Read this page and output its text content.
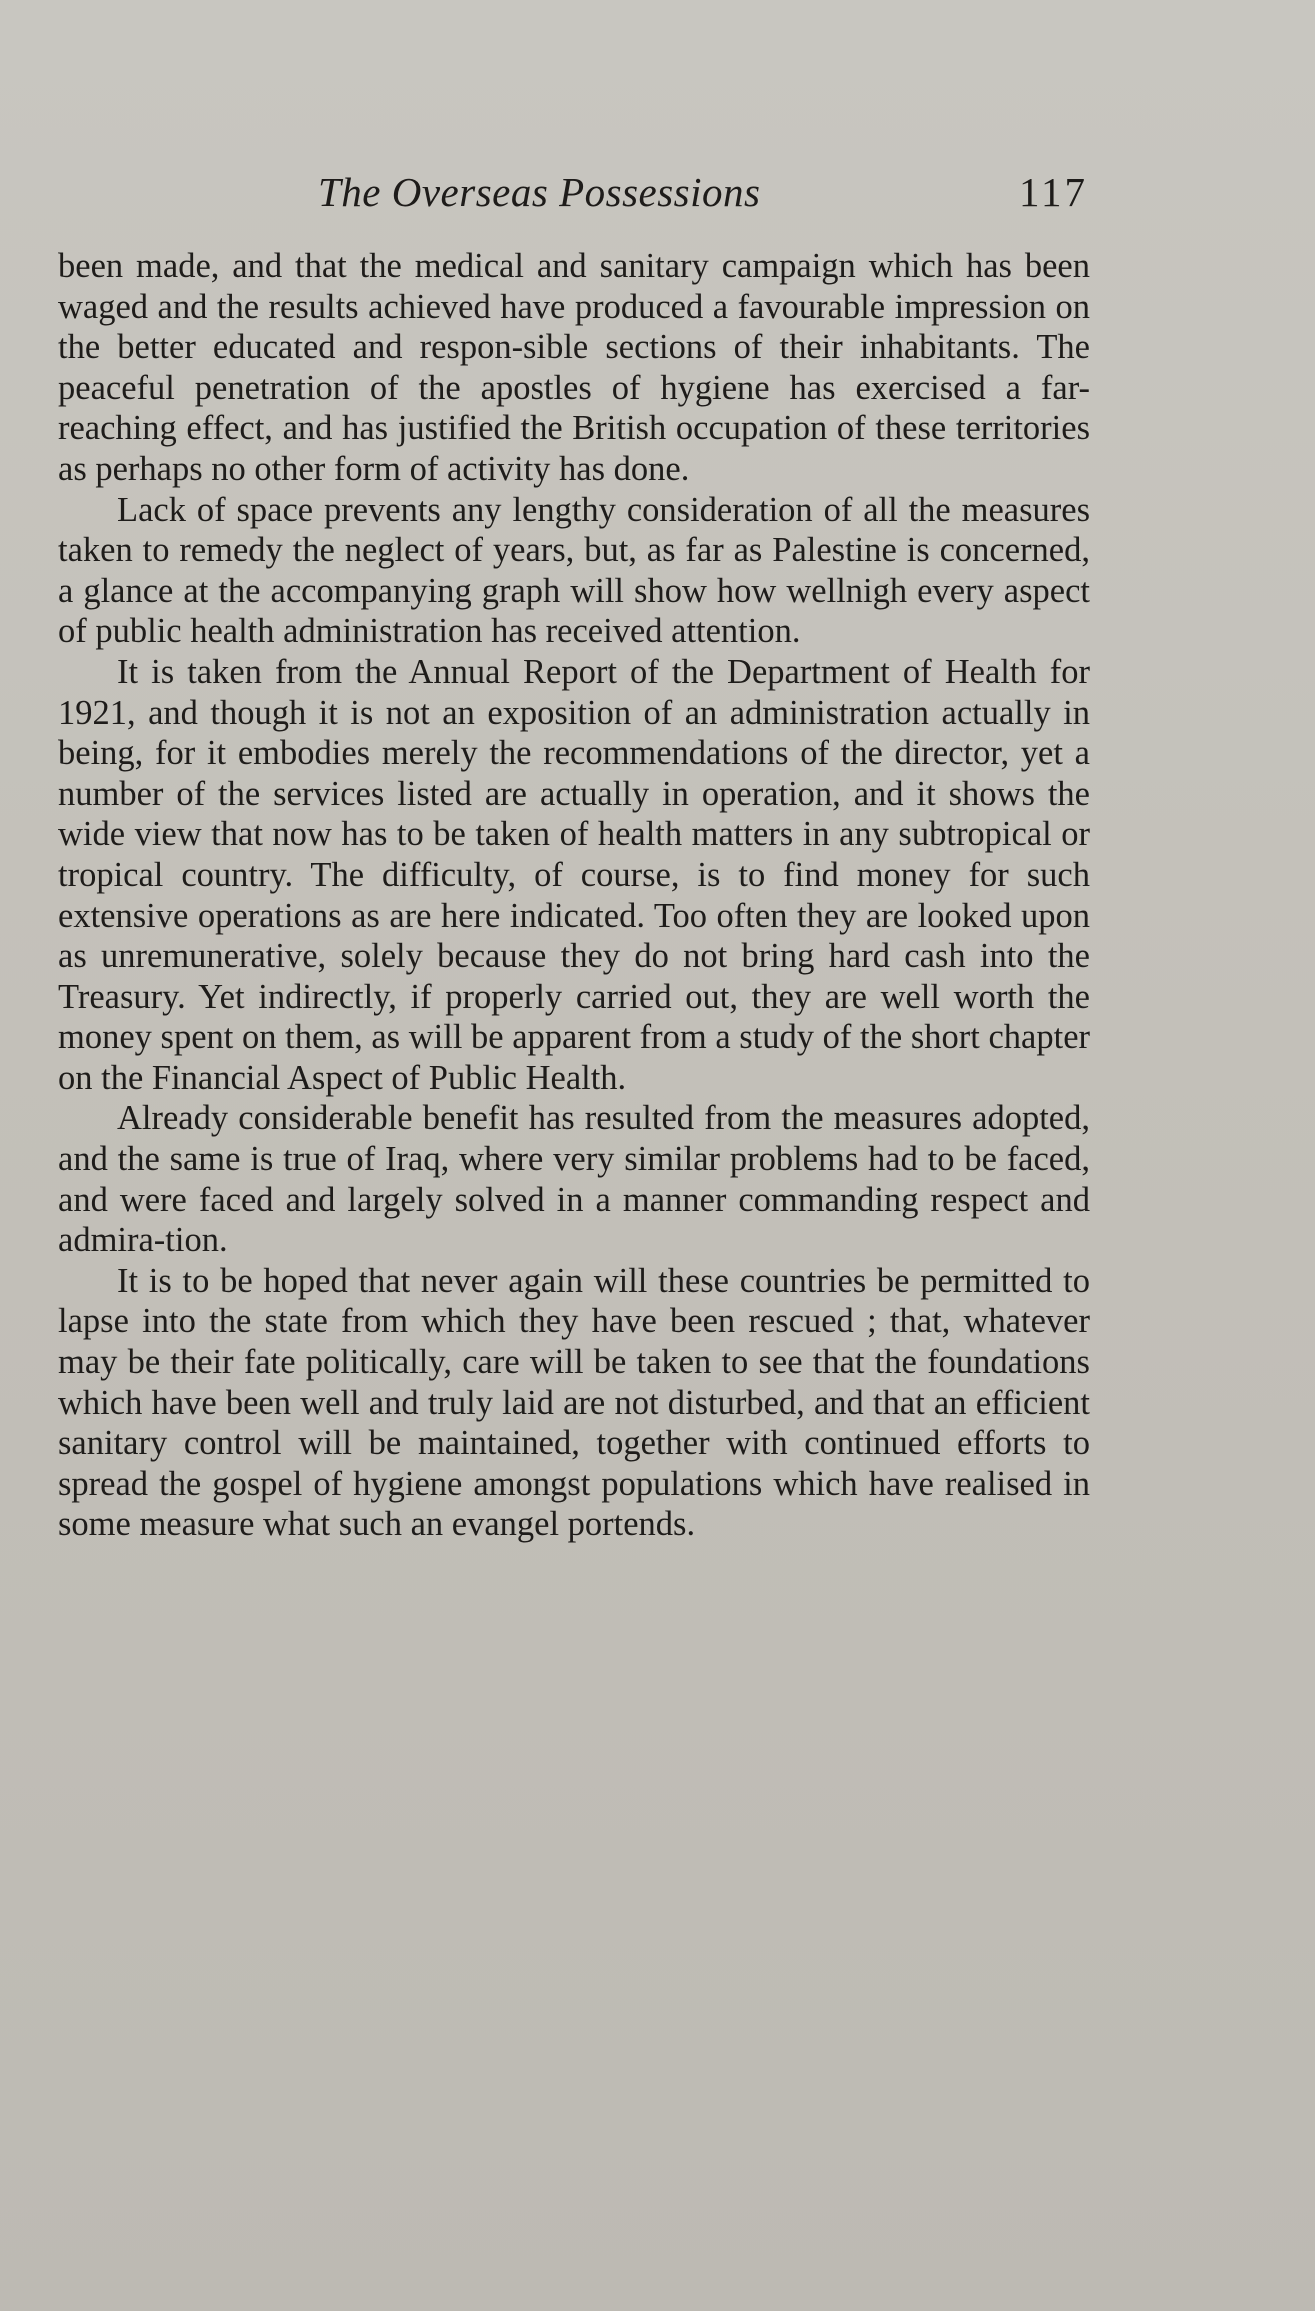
The Overseas Possessions	117

been made, and that the medical and sanitary campaign which has been waged and the results achieved have produced a favourable impression on the better educated and respon-sible sections of their inhabitants. The peaceful penetration of the apostles of hygiene has exercised a far-reaching effect, and has justified the British occupation of these territories as perhaps no other form of activity has done.

Lack of space prevents any lengthy consideration of all the measures taken to remedy the neglect of years, but, as far as Palestine is concerned, a glance at the accompanying graph will show how wellnigh every aspect of public health administration has received attention.

It is taken from the Annual Report of the Department of Health for 1921, and though it is not an exposition of an administration actually in being, for it embodies merely the recommendations of the director, yet a number of the services listed are actually in operation, and it shows the wide view that now has to be taken of health matters in any subtropical or tropical country. The difficulty, of course, is to find money for such extensive operations as are here indicated. Too often they are looked upon as unremunerative, solely because they do not bring hard cash into the Treasury. Yet indirectly, if properly carried out, they are well worth the money spent on them, as will be apparent from a study of the short chapter on the Financial Aspect of Public Health.

Already considerable benefit has resulted from the measures adopted, and the same is true of Iraq, where very similar problems had to be faced, and were faced and largely solved in a manner commanding respect and admira-tion.

It is to be hoped that never again will these countries be permitted to lapse into the state from which they have been rescued ; that, whatever may be their fate politically, care will be taken to see that the foundations which have been well and truly laid are not disturbed, and that an efficient sanitary control will be maintained, together with continued efforts to spread the gospel of hygiene amongst populations which have realised in some measure what such an evangel portends.
